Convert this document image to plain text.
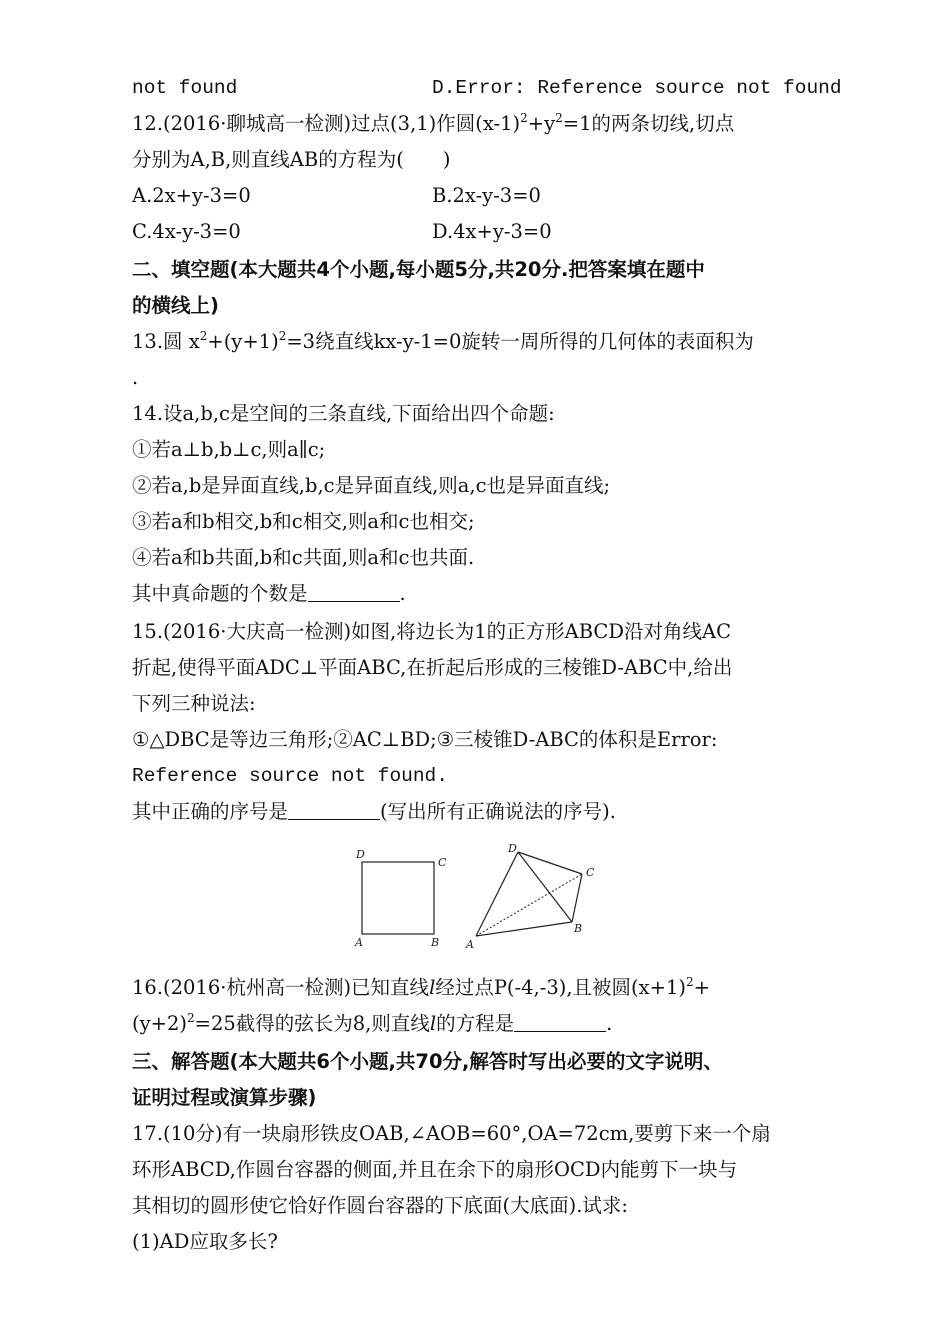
not found	D.Error: Reference source not found
12.(2016·聊城高一检测)过点(3,1)作圆$(x-1)^2+y^2=1$的两条切线,切点
分别为A,B,则直线AB的方程为(　　)
A.2x+y-3=0	B.2x-y-3=0
C.4x-y-3=0	D.4x+y-3=0
二、填空题(本大题共4个小题,每小题5分,共20分.把答案填在题中
的横线上)
13.圆 $x^2+(y+1)^2=3$绕直线kx-y-1=0旋转一周所得的几何体的表面积为
.
14.设a,b,c是空间的三条直线,下面给出四个命题:
①若a⊥b,b⊥c,则a∥c;
②若a,b是异面直线,b,c是异面直线,则a,c也是异面直线;
③若a和b相交,b和c相交,则a和c也相交;
④若a和b共面,b和c共面,则a和c也共面.
其中真命题的个数是	.
15.(2016·大庆高一检测)如图,将边长为1的正方形ABCD沿对角线AC
折起,使得平面ADC⊥平面ABC,在折起后形成的三棱锥D-ABC中,给出
下列三种说法:
①△DBC是等边三角形;②AC⊥BD;③三棱锥D-ABC的体积是Error:
Reference source not found.
其中正确的序号是	(写出所有正确说法的序号).
D
C
A	B
D
C
A
B
16.(2016·杭州高一检测)已知直线l经过点P(-4,-3),且被圆$(x+1)^2+$
$(y+2)^2=25$截得的弦长为8,则直线l的方程是	.
三、解答题(本大题共6个小题,共70分,解答时写出必要的文字说明、
证明过程或演算步骤)
17.(10分)有一块扇形铁皮OAB,∠AOB=60°,OA=72cm,要剪下来一个扇
环形ABCD,作圆台容器的侧面,并且在余下的扇形OCD内能剪下一块与
其相切的圆形使它恰好作圆台容器的下底面(大底面).试求:
(1)AD应取多长?
